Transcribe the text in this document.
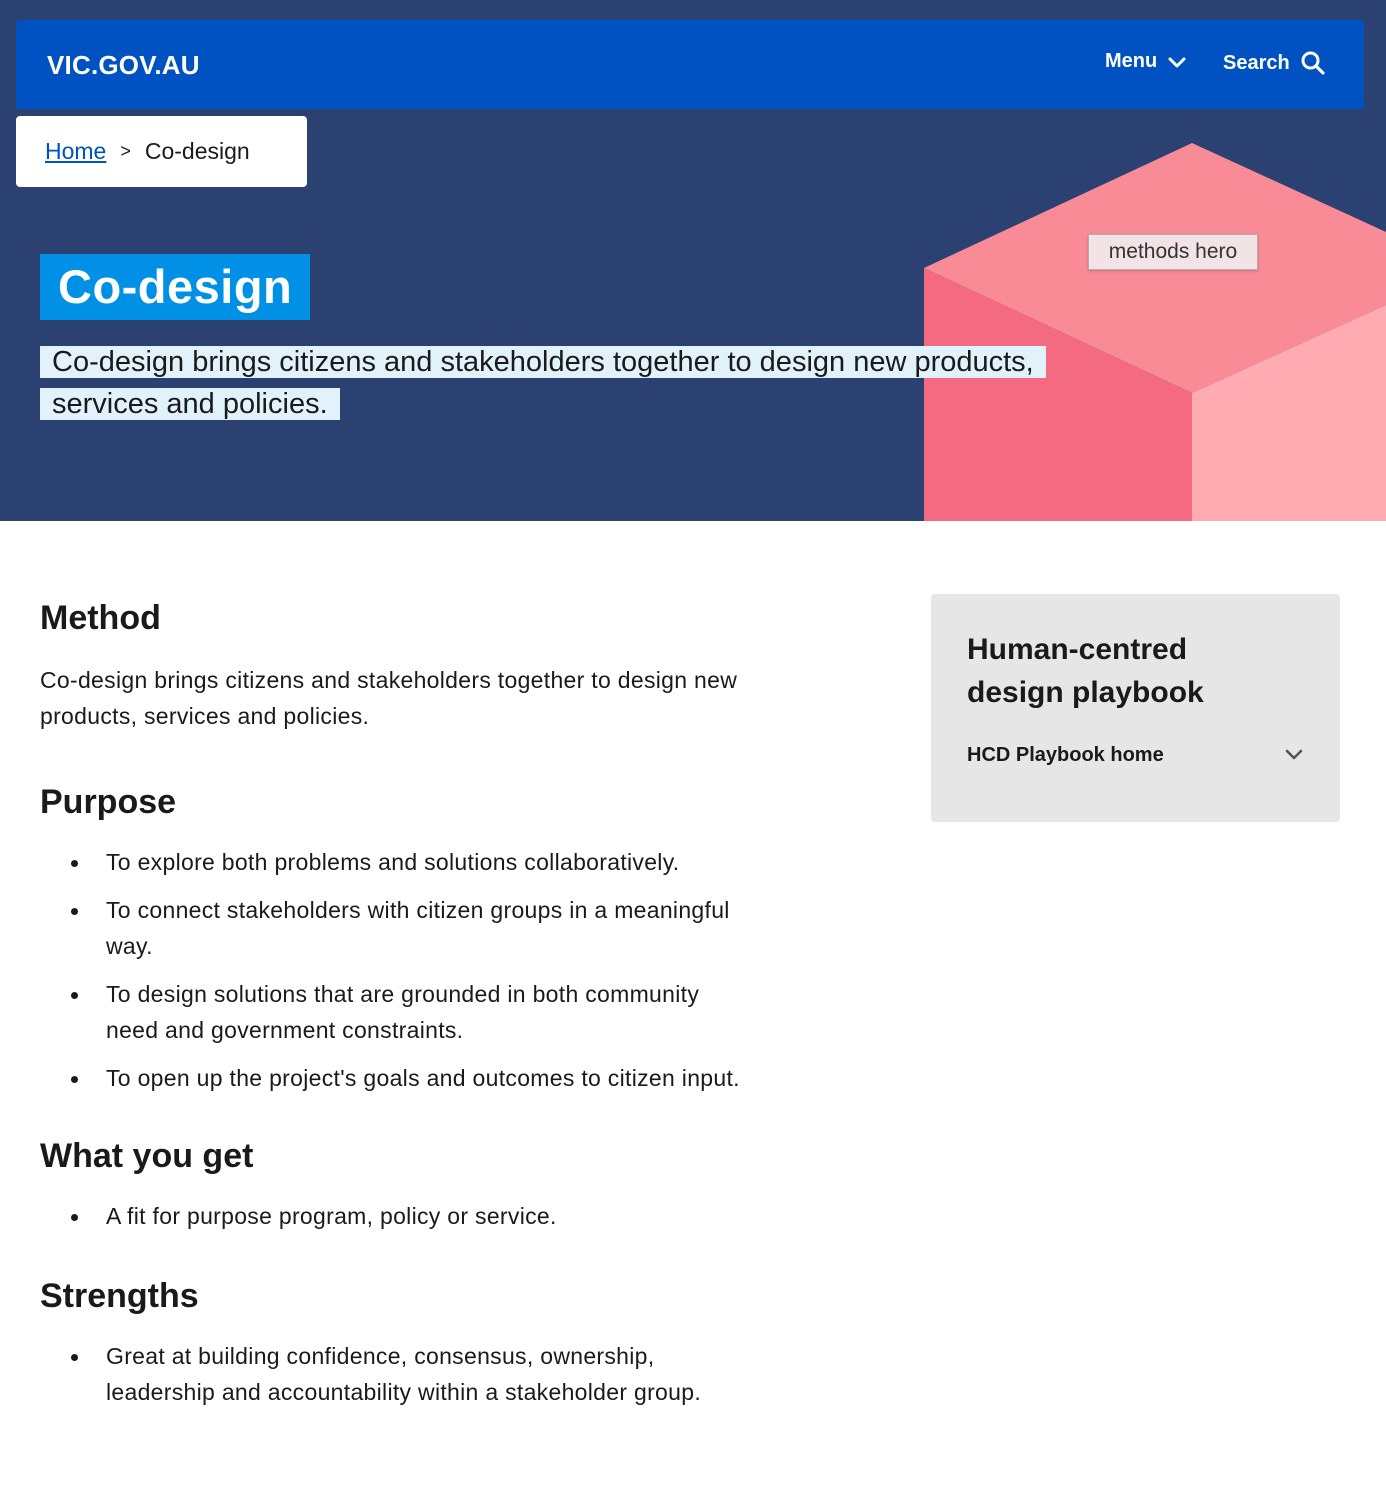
VIC.GOV.AU	Menu	Search
Home > Co-design
methods hero
Co-design

Co-design brings citizens and stakeholders together to design new products, services and policies.

Method

Co-design brings citizens and stakeholders together to design new products, services and policies.

Purpose
To explore both problems and solutions collaboratively.
To connect stakeholders with citizen groups in a meaningful way.
To design solutions that are grounded in both community need and government constraints.
To open up the project's goals and outcomes to citizen input.
What you get
A fit for purpose program, policy or service.
Strengths
Great at building confidence, consensus, ownership, leadership and accountability within a stakeholder group.
Human-centred design playbook
HCD Playbook home
